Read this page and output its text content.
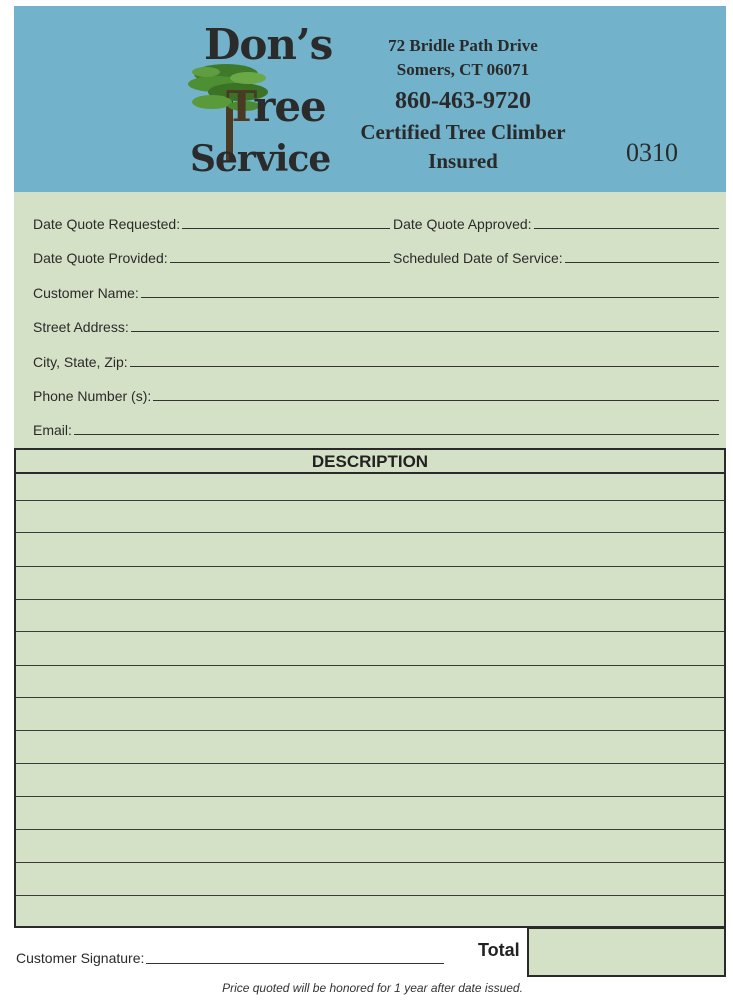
Don’s
Tree
Service
72 Bridle Path Drive
Somers, CT 06071
860-463-9720
Certified Tree Climber
Insured	0310
Date Quote Requested:	Date Quote Approved:
Date Quote Provided:	Scheduled Date of Service:
Customer Name:
Street Address:
City, State, Zip:
Phone Number (s):
Email:
DESCRIPTION
Customer Signature:	Total
Price quoted will be honored for 1 year after date issued.
